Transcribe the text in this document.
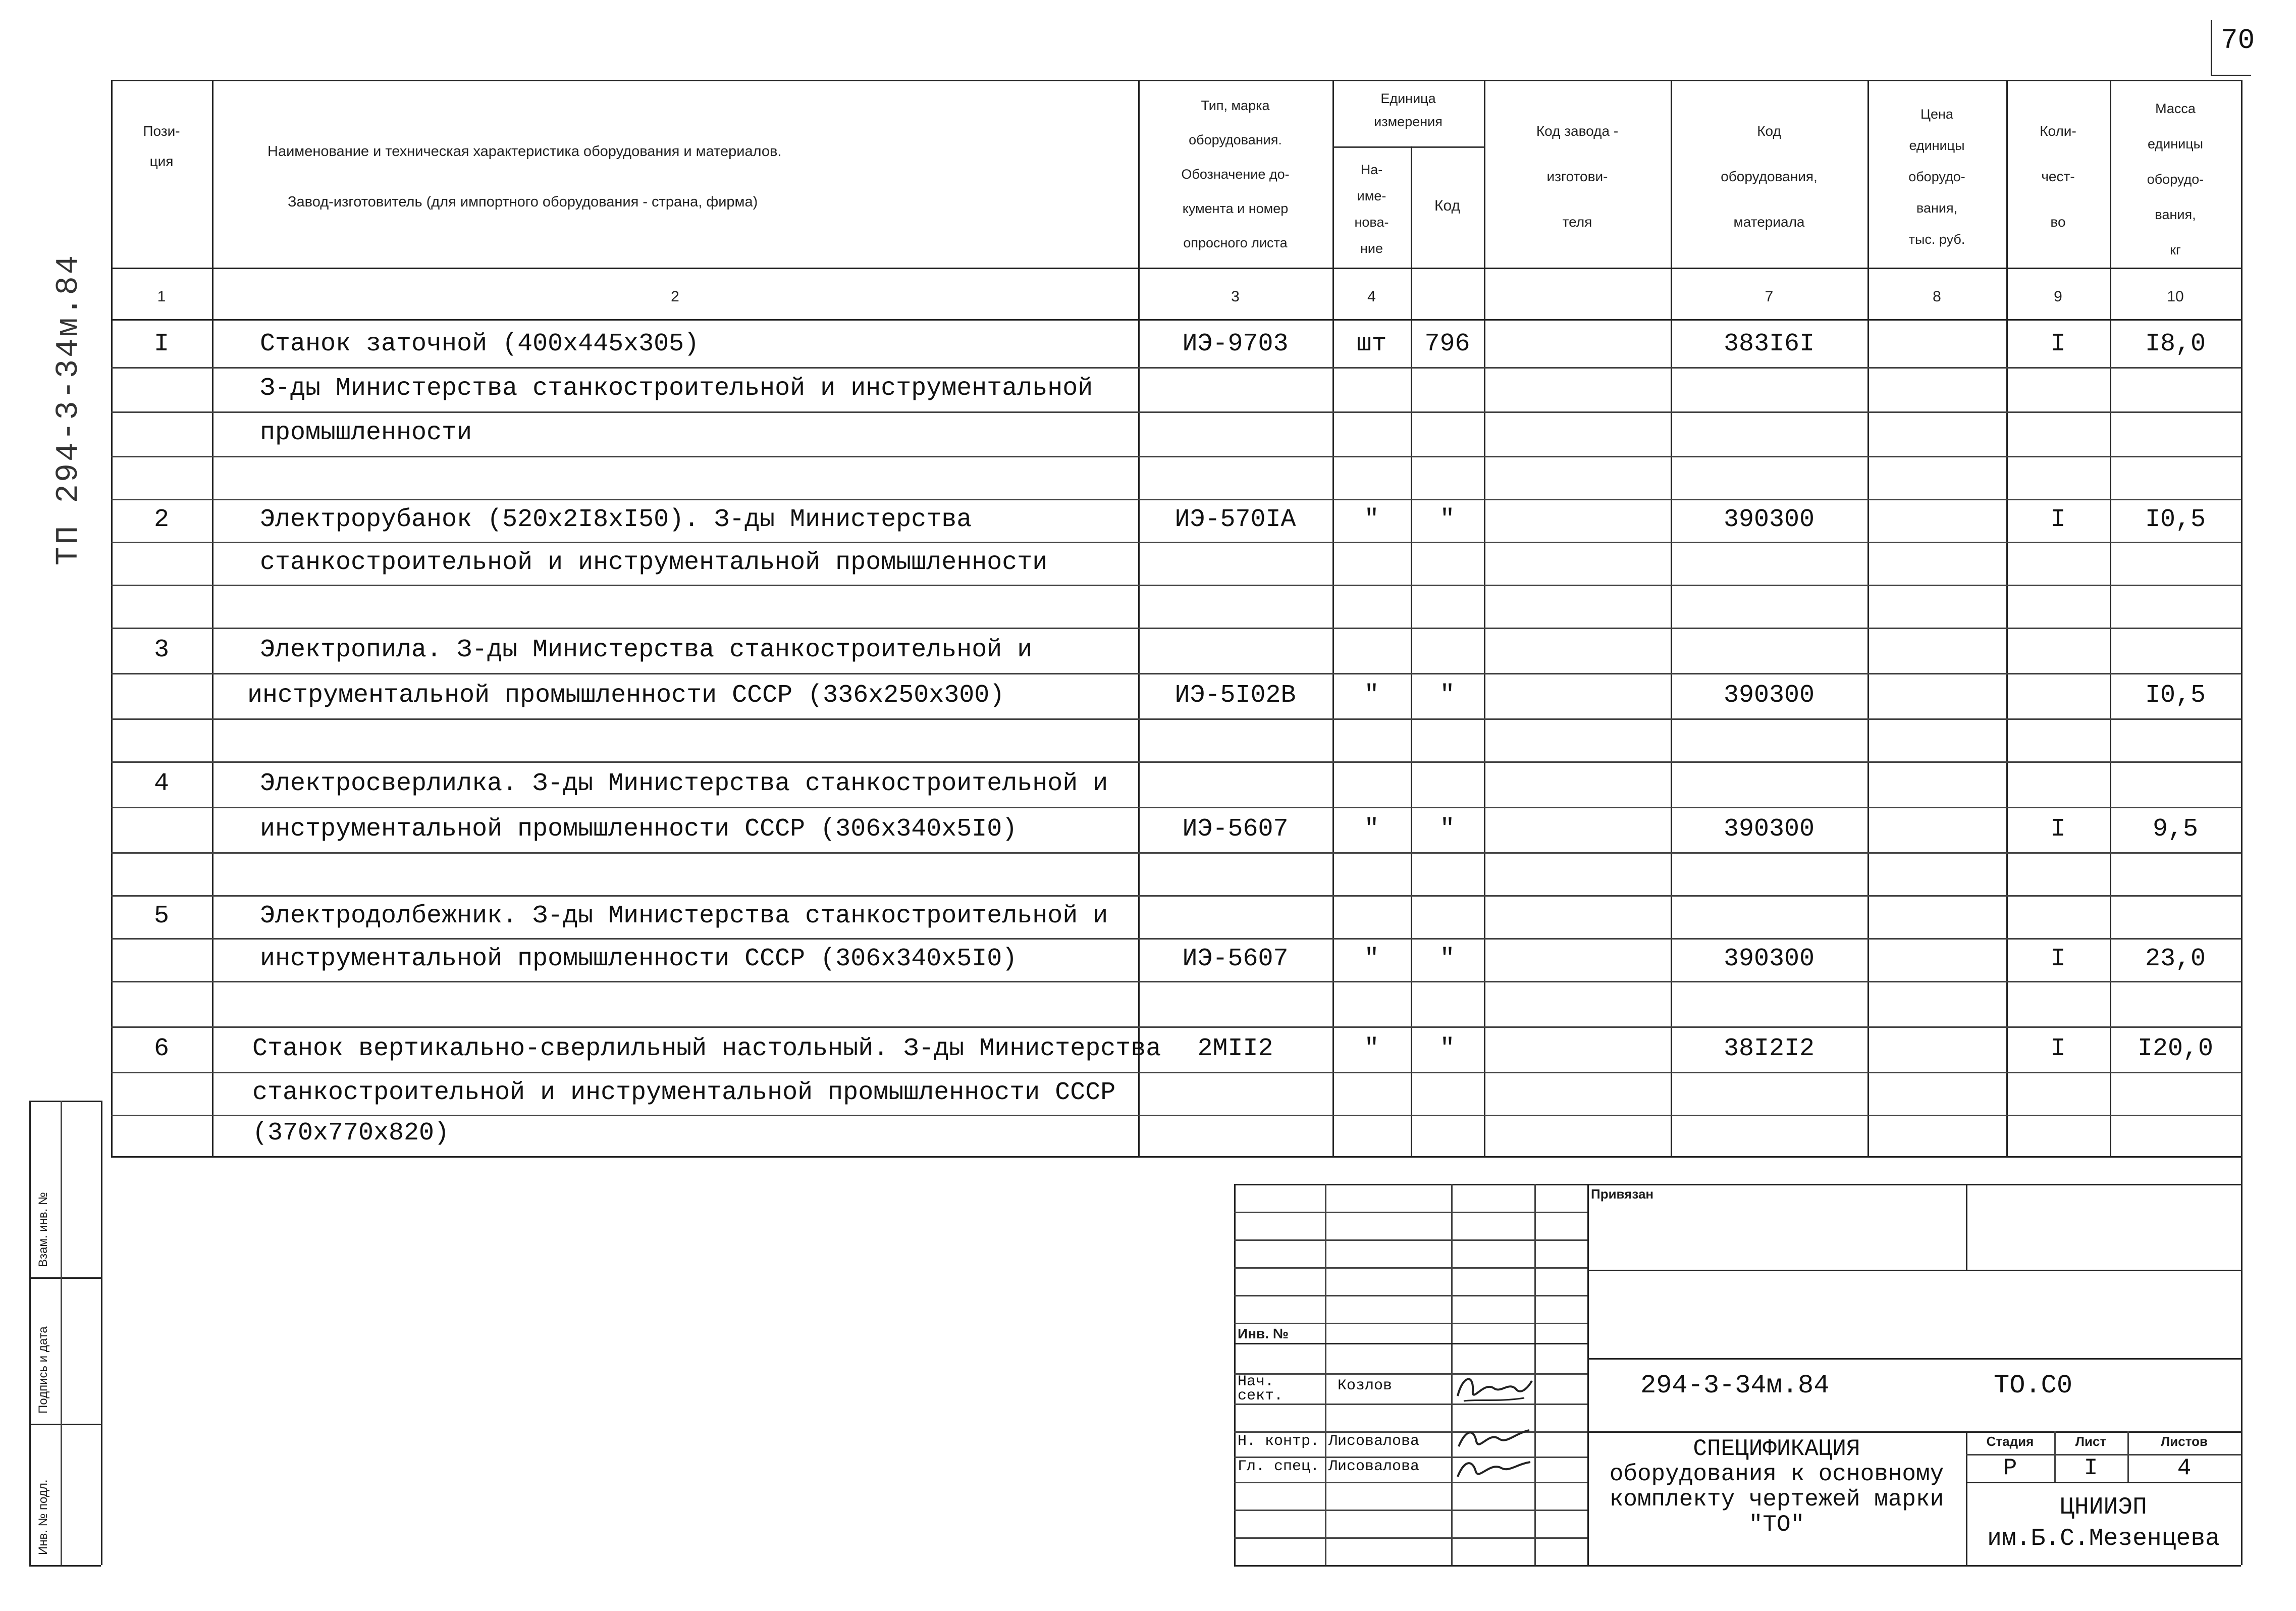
70
ТП 294-3-34м.84
Взам. инв. №
Подпись и дата
Инв. № подл.
Пози-
ция
Наименование и техническая характеристика оборудования и материалов.
Завод-изготовитель (для импортного оборудования - страна, фирма)
Тип, марка
оборудования.
Обозначение до-
кумента и номер
опросного листа
Единица
измерения
На-
име-
нова-
ние
Код
Код завода -
изготови-
теля
Код
оборудования,
материала
Цена
единицы
оборудо-
вания,
тыс. руб.
Коли-
чест-
во
Масса
единицы
оборудо-
вания,
кг
1	2	3	4	7	8	9	10
I	Станок заточной (400х445х305)	ИЭ-9703	шт	796	383I6I	I	I8,0
З-ды Министерства станкостроительной и инструментальной
промышленности
2	Электрорубанок (520х2I8хI50). З-ды Министерства	ИЭ-570IА	"	"	390300	I	I0,5
станкостроительной и инструментальной промышленности
3	Электропила. З-ды Министерства станкостроительной и
инструментальной промышленности СССР (336х250х300)	ИЭ-5I02В	"	"	390300	I0,5
4	Электросверлилка. З-ды Министерства станкостроительной и
инструментальной промышленности СССР (306х340х5I0)	ИЭ-5607	"	"	390300	I	9,5
5	Электродолбежник. З-ды Министерства станкостроительной и
инструментальной промышленности СССР (306х340х5I0)	ИЭ-5607	"	"	390300	I	23,0
6	Станок вертикально-сверлильный настольный. З-ды Министерства	2МII2	"	"	38I2I2	I	I20,0
станкостроительной и инструментальной промышленности СССР
(370х770х820)
Привязан
Инв. №
Нач. сект.
Н. контр.
Гл. спец.
Козлов
Лисовалова
Лисовалова
294-3-34м.84	ТО.С0
СПЕЦИФИКАЦИЯ
оборудования к основному
комплекту чертежей марки
"ТО"
Стадия	Лист	Листов
Р	I	4
ЦНИИЭП
им.Б.С.Мезенцева
